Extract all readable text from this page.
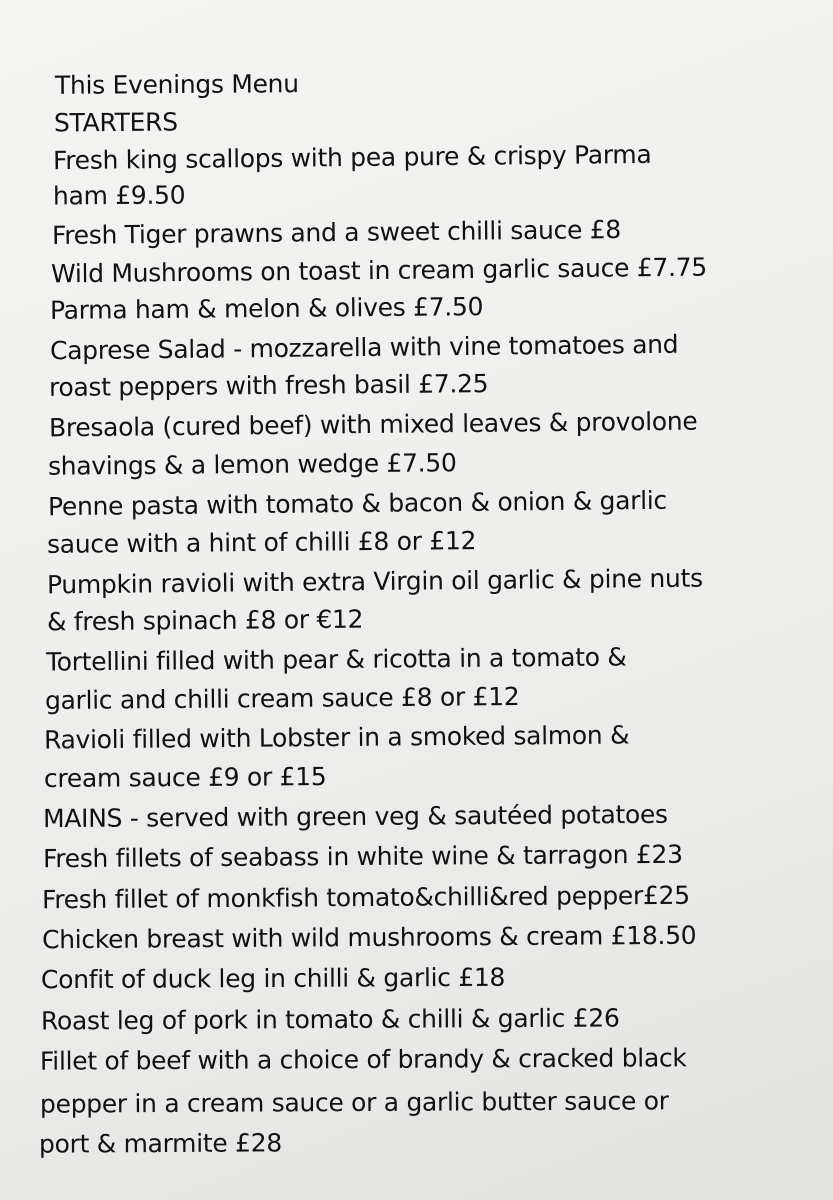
This Evenings Menu
STARTERS
Fresh king scallops with pea pure & crispy Parma
ham £9.50
Fresh Tiger prawns and a sweet chilli sauce £8
Wild Mushrooms on toast in cream garlic sauce £7.75
Parma ham & melon & olives £7.50
Caprese Salad - mozzarella with vine tomatoes and
roast peppers with fresh basil £7.25
Bresaola (cured beef) with mixed leaves & provolone
shavings & a lemon wedge £7.50
Penne pasta with tomato & bacon & onion & garlic
sauce with a hint of chilli £8 or £12
Pumpkin ravioli with extra Virgin oil garlic & pine nuts
& fresh spinach £8 or €12
Tortellini filled with pear & ricotta in a tomato &
garlic and chilli cream sauce £8 or £12
Ravioli filled with Lobster in a smoked salmon &
cream sauce £9 or £15
MAINS - served with green veg & sautéed potatoes
Fresh fillets of seabass in white wine & tarragon £23
Fresh fillet of monkfish tomato&chilli&red pepper£25
Chicken breast with wild mushrooms & cream £18.50
Confit of duck leg in chilli & garlic £18
Roast leg of pork in tomato & chilli & garlic £26
Fillet of beef with a choice of brandy & cracked black
pepper in a cream sauce or a garlic butter sauce or
port & marmite £28
